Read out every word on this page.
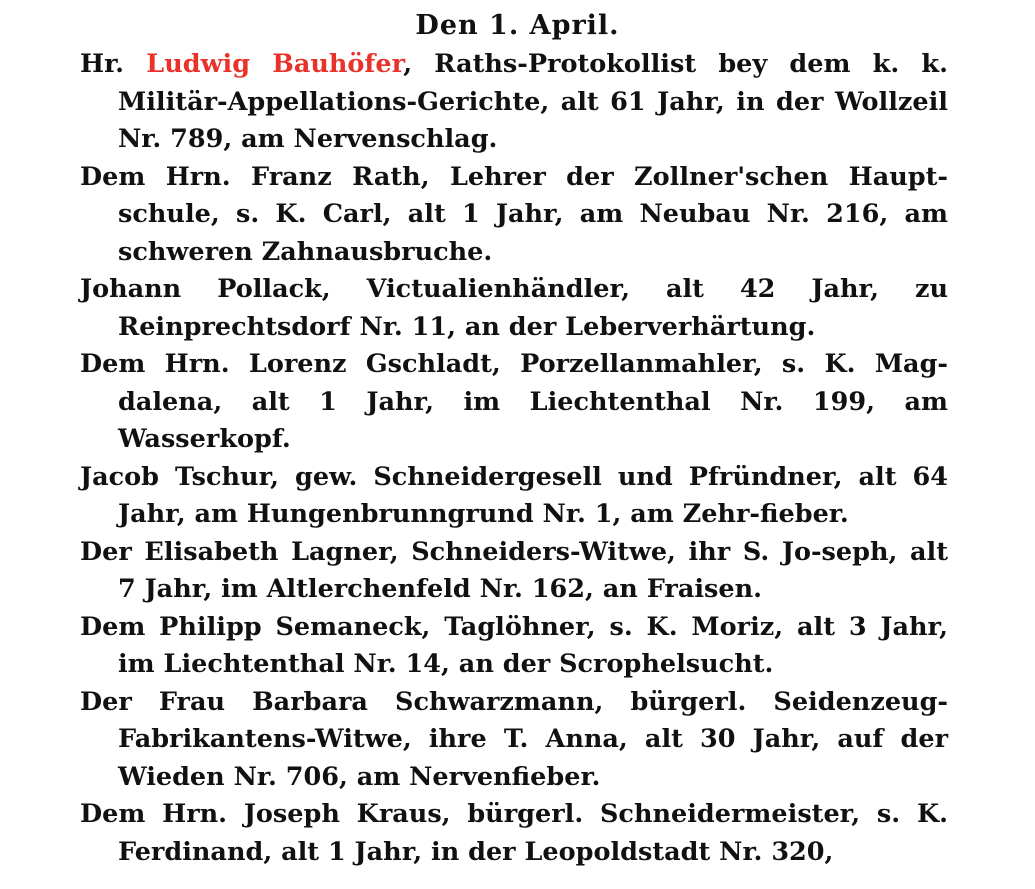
Den 1. April.

Hr. Ludwig Bauhöfer, Raths-Protokollist bey dem k. k. Militär-Appellations-Gerichte, alt 61 Jahr, in der Wollzeil Nr. 789, am Nervenschlag.

Dem Hrn. Franz Rath, Lehrer der Zollner'schen Haupt-schule, s. K. Carl, alt 1 Jahr, am Neubau Nr. 216, am schweren Zahnausbruche.

Johann Pollack, Victualienhändler, alt 42 Jahr, zu Reinprechtsdorf Nr. 11, an der Leberverhärtung.

Dem Hrn. Lorenz Gschladt, Porzellanmahler, s. K. Mag-dalena, alt 1 Jahr, im Liechtenthal Nr. 199, am Wasserkopf.

Jacob Tschur, gew. Schneidergesell und Pfründner, alt 64 Jahr, am Hungenbrunngrund Nr. 1, am Zehr-fieber.

Der Elisabeth Lagner, Schneiders-Witwe, ihr S. Jo-seph, alt 7 Jahr, im Altlerchenfeld Nr. 162, an Fraisen.

Dem Philipp Semaneck, Taglöhner, s. K. Moriz, alt 3 Jahr, im Liechtenthal Nr. 14, an der Scrophelsucht.

Der Frau Barbara Schwarzmann, bürgerl. Seidenzeug-Fabrikantens-Witwe, ihre T. Anna, alt 30 Jahr, auf der Wieden Nr. 706, am Nervenfieber.

Dem Hrn. Joseph Kraus, bürgerl. Schneidermeister, s. K. Ferdinand, alt 1 Jahr, in der Leopoldstadt Nr. 320,
